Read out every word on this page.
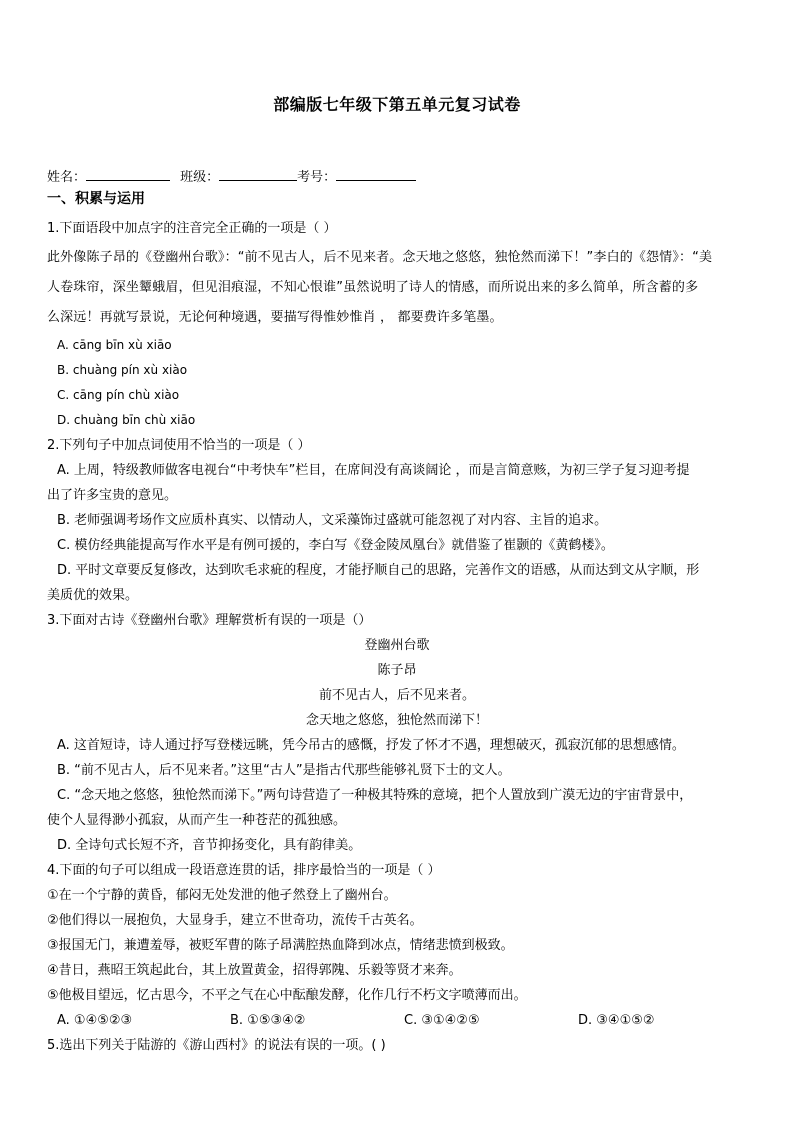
部编版七年级下第五单元复习试卷
姓名：	班级：	考号：
一、积累与运用
1.下面语段中加点字的注音完全正确的一项是（ ）
此外像陈子昂的《登幽州台歌》：“前不见古人，后不见来者。念天地之悠悠，独怆然而涕下！”李白的《怨情》：“美
人卷珠帘，深坐颦蛾眉，但见泪痕湿，不知心恨谁”虽然说明了诗人的情感，而所说出来的多么简单，所含蓄的多
么深远！再就写景说，无论何种境遇，要描写得惟妙惟肖 ， 都要费许多笔墨。
A. cāng bīn xù xiāo
B. chuàng pín xù xiào
C. cāng pín chù xiào
D. chuàng bīn chù xiāo
2.下列句子中加点词使用不恰当的一项是（ ）
A. 上周，特级教师做客电视台“中考快车”栏目，在席间没有高谈阔论 ，而是言简意赅，为初三学子复习迎考提
出了许多宝贵的意见。
B. 老师强调考场作文应质朴真实、以情动人，文采藻饰过盛就可能忽视了对内容、主旨的追求。
C. 模仿经典能提高写作水平是有例可援的，李白写《登金陵凤凰台》就借鉴了崔颢的《黄鹤楼》。
D. 平时文章要反复修改，达到吹毛求疵的程度，才能抒顺自己的思路，完善作文的语感，从而达到文从字顺，形
美质优的效果。
3.下面对古诗《登幽州台歌》理解赏析有误的一项是（）
登幽州台歌
陈子昂
前不见古人，后不见来者。
念天地之悠悠，独怆然而涕下！
A. 这首短诗，诗人通过抒写登楼远眺，凭今吊古的感慨，抒发了怀才不遇，理想破灭，孤寂沉郁的思想感情。
B. “前不见古人，后不见来者。”这里“古人”是指古代那些能够礼贤下士的文人。
C. “念天地之悠悠，独怆然而涕下。”两句诗营造了一种极其特殊的意境，把个人置放到广漠无边的宇宙背景中，
使个人显得渺小孤寂，从而产生一种苍茫的孤独感。
D. 全诗句式长短不齐，音节抑扬变化，具有韵律美。
4.下面的句子可以组成一段语意连贯的话，排序最恰当的一项是（ ）
①在一个宁静的黄昏，郁闷无处发泄的他孑然登上了幽州台。
②他们得以一展抱负，大显身手，建立不世奇功，流传千古英名。
③报国无门，兼遭羞辱，被贬军曹的陈子昂满腔热血降到冰点，情绪悲愤到极致。
④昔日，燕昭王筑起此台，其上放置黄金，招得郭隗、乐毅等贤才来奔。
⑤他极目望远，忆古思今，不平之气在心中酝酿发酵，化作几行不朽文字喷薄而出。
A. ①④⑤②③	B. ①⑤③④②	C. ③①④②⑤	D. ③④①⑤②
5.选出下列关于陆游的《游山西村》的说法有误的一项。( )
